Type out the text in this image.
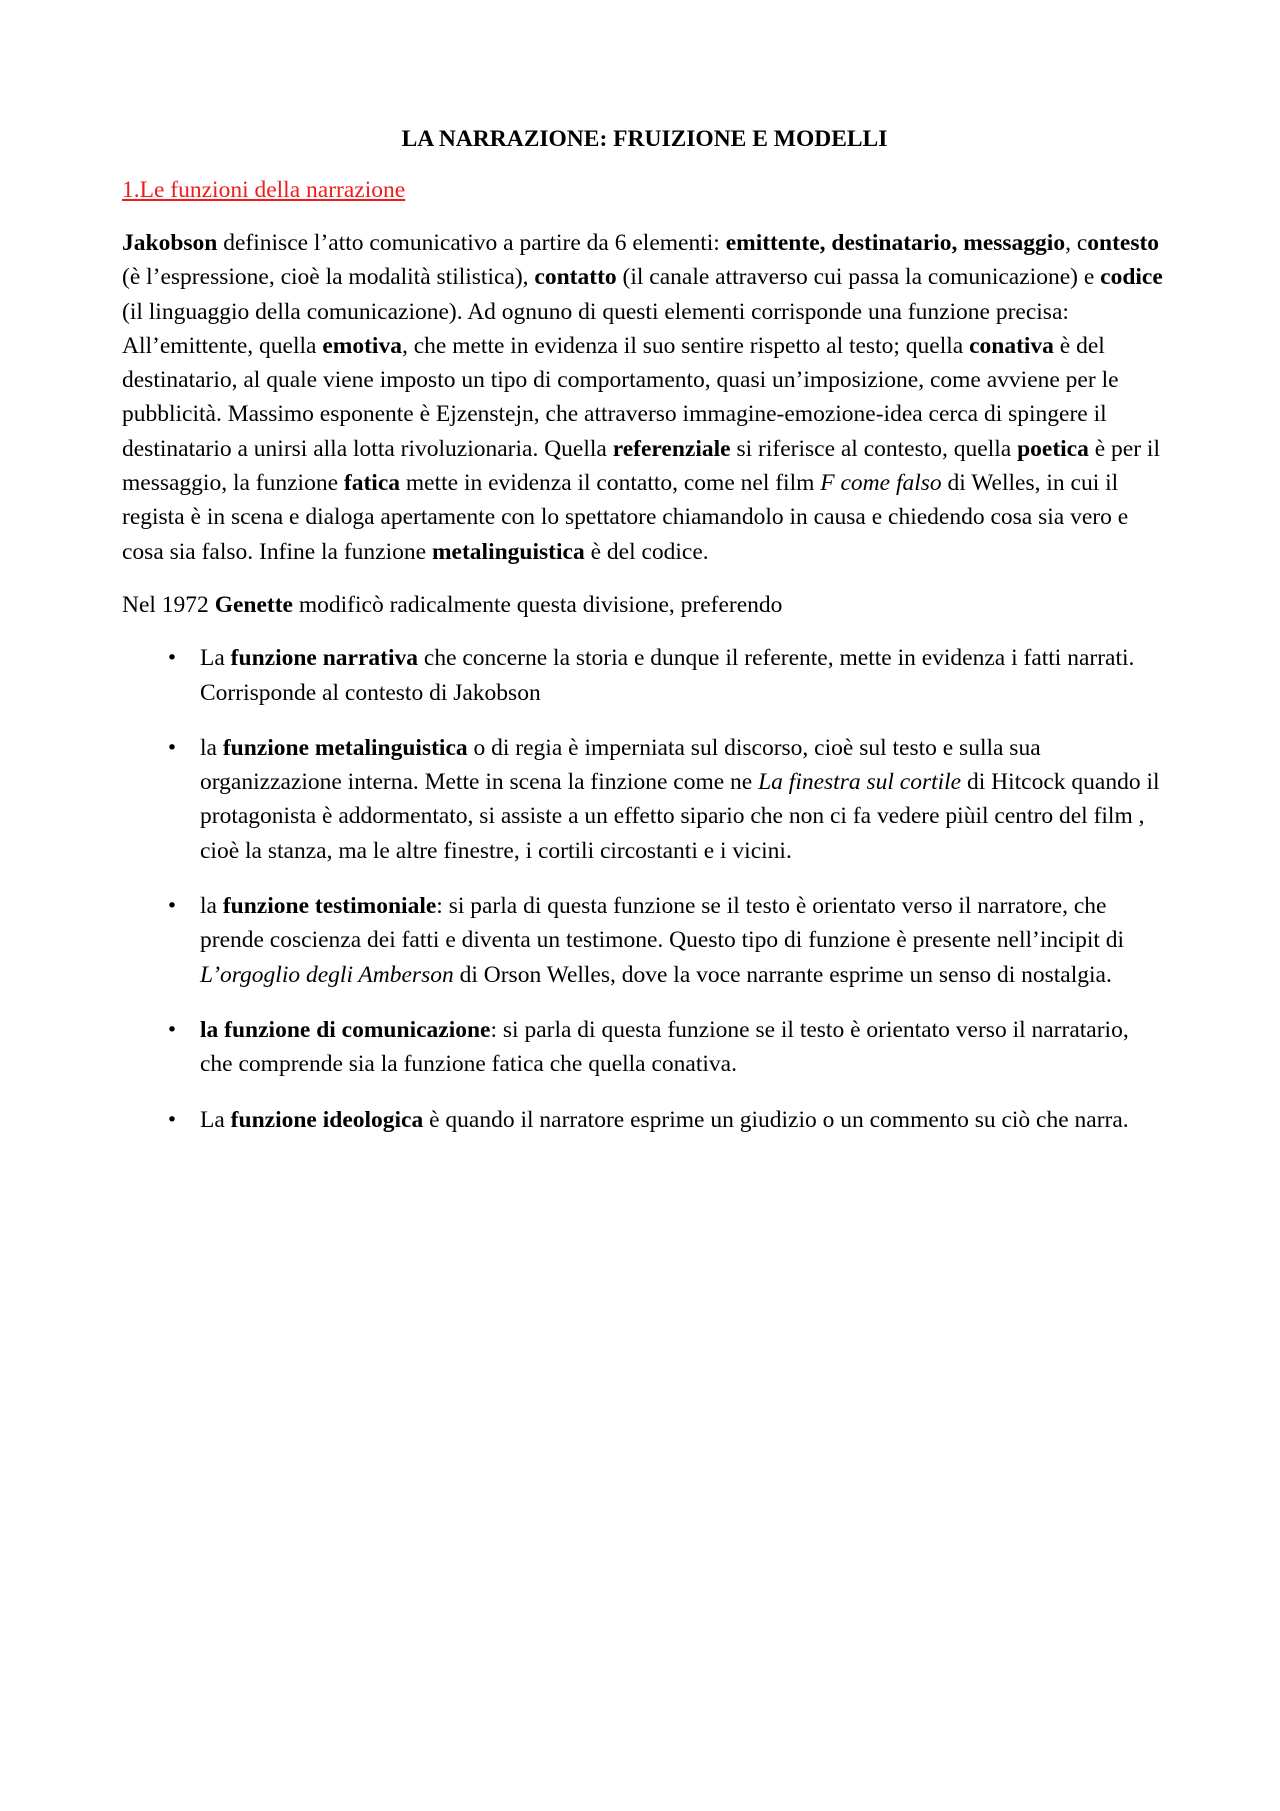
LA NARRAZIONE: FRUIZIONE E MODELLI
1.Le funzioni della narrazione

Jakobson definisce l’atto comunicativo a partire da 6 elementi: emittente, destinatario, messaggio, contesto (è l’espressione, cioè la modalità stilistica), contatto (il canale attraverso cui passa la comunicazione) e codice (il linguaggio della comunicazione). Ad ognuno di questi elementi corrisponde una funzione precisa: All’emittente, quella emotiva, che mette in evidenza il suo sentire rispetto al testo; quella conativa è del destinatario, al quale viene imposto un tipo di comportamento, quasi un’imposizione, come avviene per le pubblicità. Massimo esponente è Ejzenstejn, che attraverso immagine-emozione-idea cerca di spingere il destinatario a unirsi alla lotta rivoluzionaria. Quella referenziale si riferisce al contesto, quella poetica è per il messaggio, la funzione fatica mette in evidenza il contatto, come nel film F come falso di Welles, in cui il regista è in scena e dialoga apertamente con lo spettatore chiamandolo in causa e chiedendo cosa sia vero e cosa sia falso. Infine la funzione metalinguistica è del codice.

Nel 1972 Genette modificò radicalmente questa divisione, preferendo

• La funzione narrativa che concerne la storia e dunque il referente, mette in evidenza i fatti narrati. Corrisponde al contesto di Jakobson
• la funzione metalinguistica o di regia è imperniata sul discorso, cioè sul testo e sulla sua organizzazione interna. Mette in scena la finzione come ne La finestra sul cortile di Hitcock quando il protagonista è addormentato, si assiste a un effetto sipario che non ci fa vedere piùil centro del film , cioè la stanza, ma le altre finestre, i cortili circostanti e i vicini.
• la funzione testimoniale: si parla di questa funzione se il testo è orientato verso il narratore, che prende coscienza dei fatti e diventa un testimone. Questo tipo di funzione è presente nell’incipit di L’orgoglio degli Amberson di Orson Welles, dove la voce narrante esprime un senso di nostalgia.
• la funzione di comunicazione: si parla di questa funzione se il testo è orientato verso il narratario, che comprende sia la funzione fatica che quella conativa.
• La funzione ideologica è quando il narratore esprime un giudizio o un commento su ciò che narra.
